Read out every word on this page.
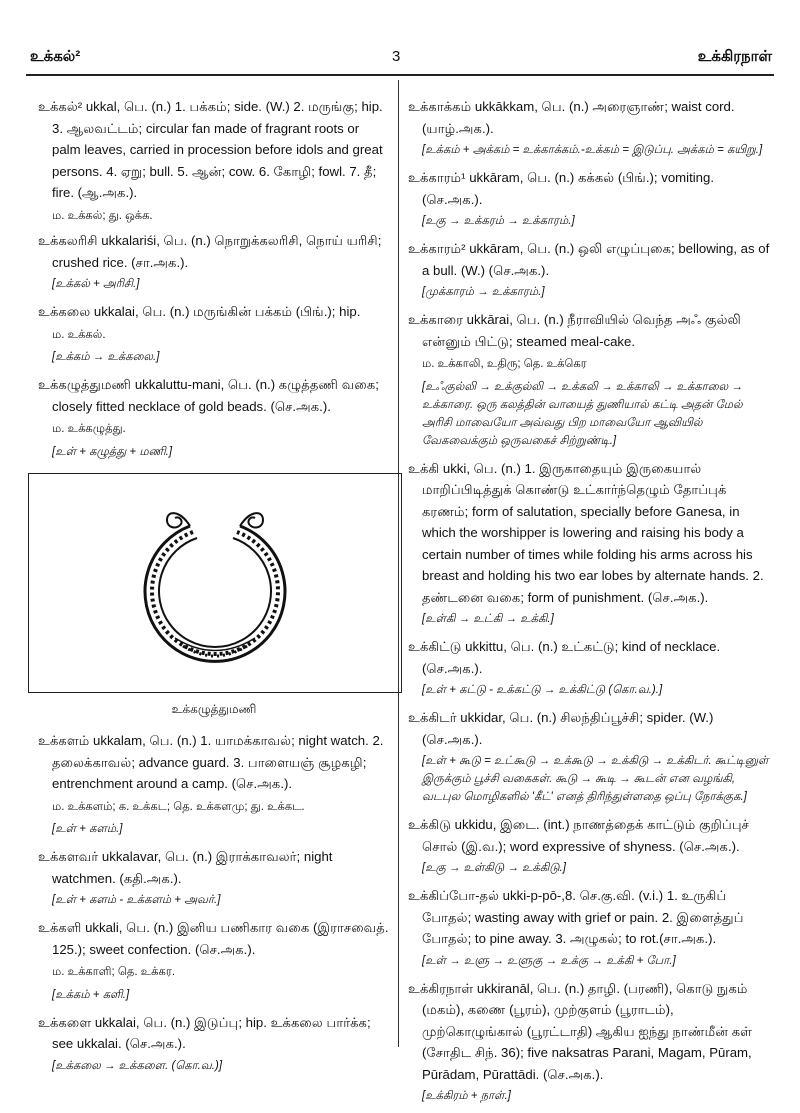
உக்கல்²	3	உக்கிரநாள்

உக்கல்² ukkal, பெ. (n.) 1. பக்கம்; side. (W.) 2. மருங்கு; hip. 3. ஆலவட்டம்; circular fan made of fragrant roots or palm leaves, carried in procession before idols and great persons. 4. ஏறு; bull. 5. ஆன்; cow. 6. கோழி; fowl. 7. தீ; fire. (ஆ.அக.).

ம. உக்கல்; து. ஒக்க.

உக்கலரிசி ukkalariśi, பெ. (n.) நொறுக்கலரிசி, நொய் யரிசி; crushed rice. (சா.அக.).

[உக்கல் + அரிசி.]

உக்கலை ukkalai, பெ. (n.) மருங்கின் பக்கம் (பிங்.); hip.

ம. உக்கல்.
[உக்கம் → உக்கலை.]

உக்கழுத்துமணி ukkaluttu-mani, பெ. (n.) கழுத்தணி வகை; closely fitted necklace of gold beads. (செ.அக.).

ம. உக்கழுத்து.
[உள் + கழுத்து + மணி.]
உக்கழுத்துமணி

உக்களம் ukkalam, பெ. (n.) 1. யாமக்காவல்; night watch. 2. தலைக்காவல்; advance guard. 3. பாளையஞ் சூழகழி; entrenchment around a camp. (செ.அக.).

ம. உக்களம்; க. உக்கட; தெ. உக்களமு; து. உக்கட.
[உள் + களம்.]

உக்களவர் ukkalavar, பெ. (n.) இராக்காவலர்; night watchmen. (கதி.அக.).

[உள் + களம் - உக்களம் + அவர்.]

உக்களி ukkali, பெ. (n.) இனிய பணிகார வகை (இராசவைத். 125.); sweet confection. (செ.அக.).

ம. உக்காளி; தெ. உக்கர.
[உக்கம் + களி.]

உக்களை ukkalai, பெ. (n.) இடுப்பு; hip. உக்கலை பார்க்க; see ukkalai. (செ.அக.).

[உக்கலை → உக்களை. (கொ.வ.)]

உக்காக்கம் ukkākkam, பெ. (n.) அரைஞாண்; waist cord. (யாழ்.அக.).

[உக்கம் + அக்கம் = உக்காக்கம்.-உக்கம் = இடுப்பு. அக்கம் = கயிறு.]

உக்காரம்¹ ukkāram, பெ. (n.) கக்கல் (பிங்.); vomiting. (செ.அக.).

[உகு → உக்கரம் → உக்காரம்.]

உக்காரம்² ukkāram, பெ. (n.) ஒலி எழுப்புகை; bellowing, as of a bull. (W.) (செ.அக.).

[முக்காரம் → உக்காரம்.]

உக்காரை ukkārai, பெ. (n.) நீராவியில் வெந்த அஃ குல்லி என்னும் பிட்டு; steamed meal-cake.

ம. உக்காலி, உதிரு; தெ. உக்கெர
[உஃகுல்லி → உக்குல்லி → உக்கலி → உக்காலி → உக்காலை → உக்காரை. ஒரு கலத்தின் வாயைத் துணியால் கட்டி அதன் மேல் அரிசி மாவையோ அவ்வது பிற மாவையோ ஆவியில் வேகவைக்கும் ஒருவகைச் சிற்றுண்டி.]

உக்கி ukki, பெ. (n.) 1. இருகாதையும் இருகையால் மாறிப்பிடித்துக் கொண்டு உட்கார்ந்தெழும் தோப்புக் கரணம்; form of salutation, specially before Ganesa, in which the worshipper is lowering and raising his body a certain number of times while folding his arms across his breast and holding his two ear lobes by alternate hands. 2. தண்டனை வகை; form of punishment. (செ.அக.).

[உள்கி → உட்கி → உக்கி.]

உக்கிட்டு ukkittu, பெ. (n.) உட்கட்டு; kind of necklace. (செ.அக.).

[உள் + கட்டு - உக்கட்டு → உக்கிட்டு (கொ.வ.).]

உக்கிடர் ukkidar, பெ. (n.) சிலந்திப்பூச்சி; spider. (W.) (செ.அக.).

[உள் + கூடு = உட்கூடு → உக்கூடு → உக்கிடு → உக்கிடர். கூட்டினுள் இருக்கும் பூச்சி வகைகள். கூடு → கூடி → கூடன் என வழங்கி, வடபுல மொழிகளில் 'கீட்' எனத் திரிந்துள்ளதை ஒப்பு நோக்குக.]

உக்கிடு ukkidu, இடை. (int.) நாணத்தைக் காட்டும் குறிப்புச் சொல் (இ.வ.); word expressive of shyness. (செ.அக.).

[உகு → உள்கிடு → உக்கிடு.]

உக்கிப்போ-தல் ukki-p-pō-,8. செ.கு.வி. (v.i.) 1. உருகிப் போதல்; wasting away with grief or pain. 2. இளைத்துப் போதல்; to pine away. 3. அழுகல்; to rot.(சா.அக.).

[உள் → உளு → உளுகு → உக்கு → உக்கி + போ.]

உக்கிரநாள் ukkiranāl, பெ. (n.) தாழி. (பரணி), கொடு நுகம் (மகம்), கணை (பூரம்), முற்குளம் (பூராடம்), முற்கொழுங்கால் (பூரட்டாதி) ஆகிய ஐந்து நாண்மீன் கள் (சோதிட சிந். 36); five naksatras Parani, Magam, Pūram, Pūrādam, Pūrattādi. (செ.அக.).

[உக்கிரம் + நாள்.]
